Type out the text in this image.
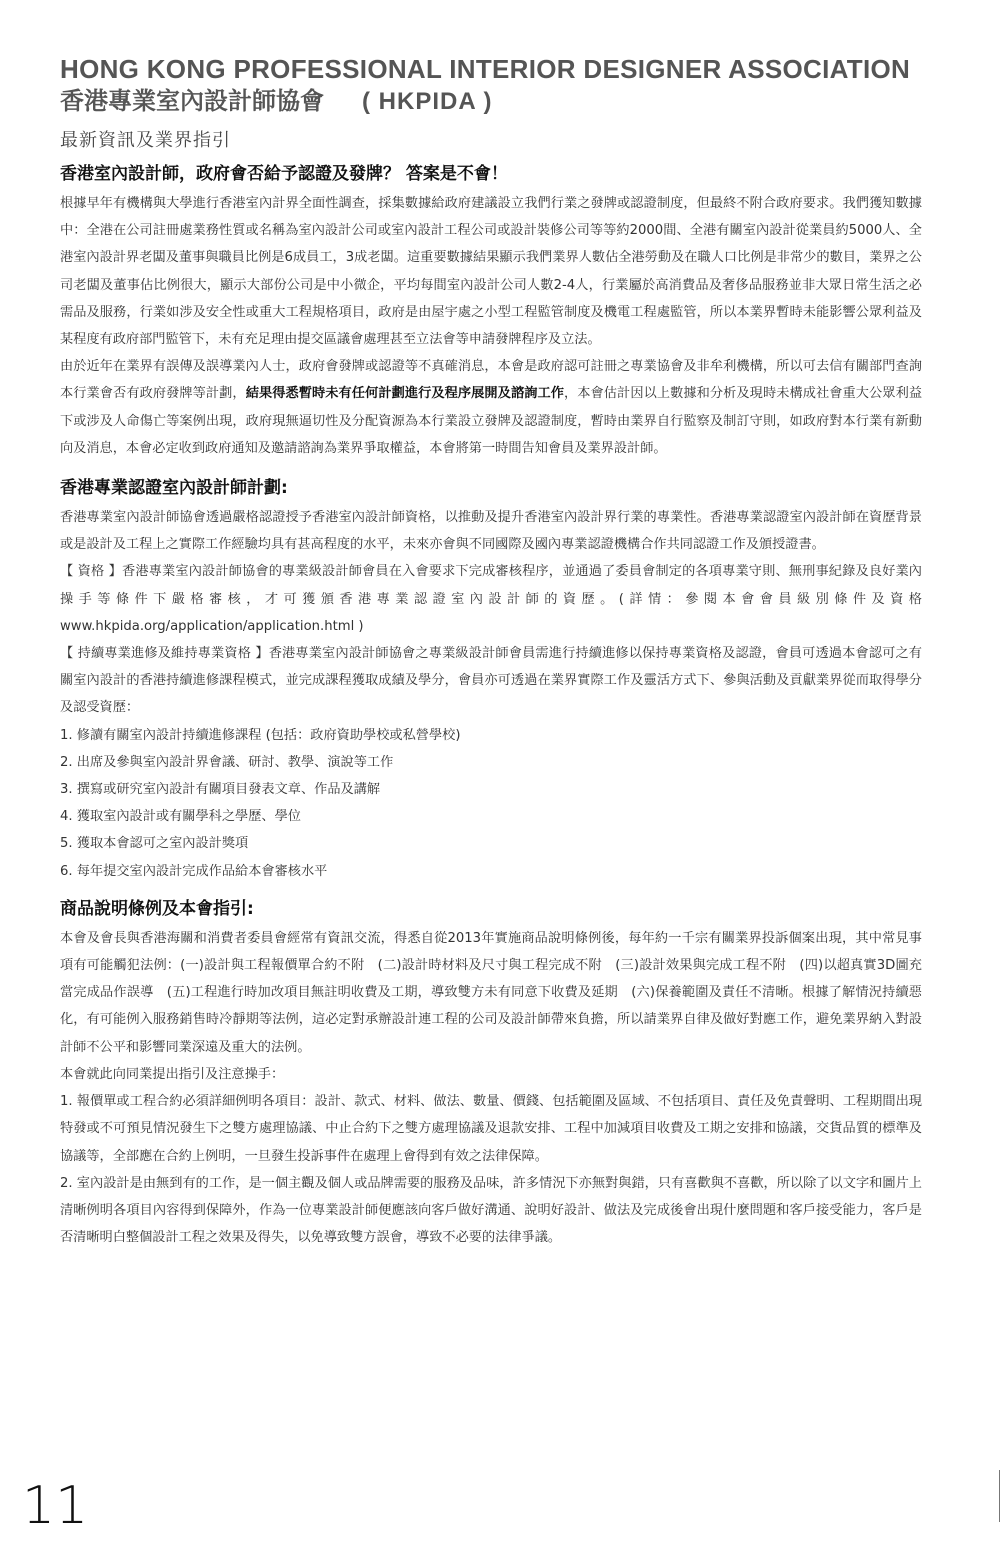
HONG KONG PROFESSIONAL INTERIOR DESIGNER ASSOCIATION
香港專業室內設計師協會 ( HKPIDA )
最新資訊及業界指引
香港室內設計師，政府會否給予認證及發牌？ 答案是不會！
根據早年有機構與大學進行香港室內計界全面性調查，採集數據給政府建議設立我們行業之發牌或認證制度，但最終不附合政府要求。我們獲知數據中：全港在公司註冊處業務性質或名稱為室內設計公司或室內設計工程公司或設計裝修公司等等約2000間、全港有關室內設計從業員約5000人、全港室內設計界老闆及董事與職員比例是6成員工，3成老闆。這重要數據結果顯示我們業界人數佔全港勞動及在職人口比例是非常少的數目，業界之公司老闆及董事佔比例很大，顯示大部份公司是中小微企，平均每間室內設計公司人數2-4人，行業屬於高消費品及奢侈品服務並非大眾日常生活之必需品及服務，行業如涉及安全性或重大工程規格項目，政府是由屋宇處之小型工程監管制度及機電工程處監管，所以本業界暫時未能影響公眾利益及某程度有政府部門監管下，未有充足理由提交區議會處理甚至立法會等申請發牌程序及立法。
由於近年在業界有誤傳及誤導業內人士，政府會發牌或認證等不真確消息，本會是政府認可註冊之專業協會及非牟利機構，所以可去信有關部門查詢本行業會否有政府發牌等計劃，結果得悉暫時未有任何計劃進行及程序展開及諮詢工作，本會估計因以上數據和分析及現時未構成社會重大公眾利益下或涉及人命傷亡等案例出現，政府現無逼切性及分配資源為本行業設立發牌及認證制度，暫時由業界自行監察及制訂守則，如政府對本行業有新動向及消息，本會必定收到政府通知及邀請諮詢為業界爭取權益，本會將第一時間告知會員及業界設計師。
香港專業認證室內設計師計劃:
香港專業室內設計師協會透過嚴格認證授予香港室內設計師資格，以推動及提升香港室內設計界行業的專業性。香港專業認證室內設計師在資歷背景或是設計及工程上之實際工作經驗均具有甚高程度的水平，未來亦會與不同國際及國內專業認證機構合作共同認證工作及頒授證書。
【 資格 】香港專業室內設計師協會的專業級設計師會員在入會要求下完成審核程序，並通過了委員會制定的各項專業守則、無刑事紀錄及良好業內操手等條件下嚴格審核，才可獲頒香港專業認證室內設計師的資歷。(詳情：參閱本會會員級別條件及資格　www.hkpida.org/application/application.html )
【 持續專業進修及維持專業資格 】香港專業室內設計師協會之專業級設計師會員需進行持續進修以保持專業資格及認證，會員可透過本會認可之有關室內設計的香港持續進修課程模式，並完成課程獲取成績及學分，會員亦可透過在業界實際工作及靈活方式下、參與活動及貢獻業界從而取得學分及認受資歷：
1. 修讀有關室內設計持續進修課程 (包括：政府資助學校或私營學校)
2. 出席及參與室內設計界會議、研討、教學、演說等工作
3. 撰寫或研究室內設計有關項目發表文章、作品及講解
4. 獲取室內設計或有關學科之學歷、學位
5. 獲取本會認可之室內設計獎項
6. 每年提交室內設計完成作品給本會審核水平
商品說明條例及本會指引:
本會及會長與香港海關和消費者委員會經常有資訊交流，得悉自從2013年實施商品說明條例後，每年約一千宗有關業界投訴個案出現，其中常見事項有可能觸犯法例：(一)設計與工程報價單合約不附　(二)設計時材料及尺寸與工程完成不附　(三)設計效果與完成工程不附　(四)以超真實3D圖充當完成品作誤導　(五)工程進行時加改項目無註明收費及工期，導致雙方未有同意下收費及延期　(六)保養範圍及責任不清晰。根據了解情況持續惡化，有可能例入服務銷售時冷靜期等法例，這必定對承辦設計連工程的公司及設計師帶來負擔，所以請業界自律及做好對應工作，避免業界納入對設計師不公平和影響同業深遠及重大的法例。
本會就此向同業提出指引及注意操手：
1. 報價單或工程合約必須詳細例明各項目：設計、款式、材料、做法、數量、價錢、包括範圍及區域、不包括項目、責任及免責聲明、工程期間出現特發或不可預見情況發生下之雙方處理協議、中止合約下之雙方處理協議及退款安排、工程中加減項目收費及工期之安排和協議，交貨品質的標準及協議等，全部應在合約上例明，一旦發生投訴事件在處理上會得到有效之法律保障。
2. 室內設計是由無到有的工作，是一個主觀及個人或品牌需要的服務及品味，許多情況下亦無對與錯，只有喜歡與不喜歡，所以除了以文字和圖片上清晰例明各項目內容得到保障外，作為一位專業設計師便應該向客戶做好溝通、說明好設計、做法及完成後會出現什麼問題和客戶接受能力，客戶是否清晰明白整個設計工程之效果及得失，以免導致雙方誤會，導致不必要的法律爭議。
11
